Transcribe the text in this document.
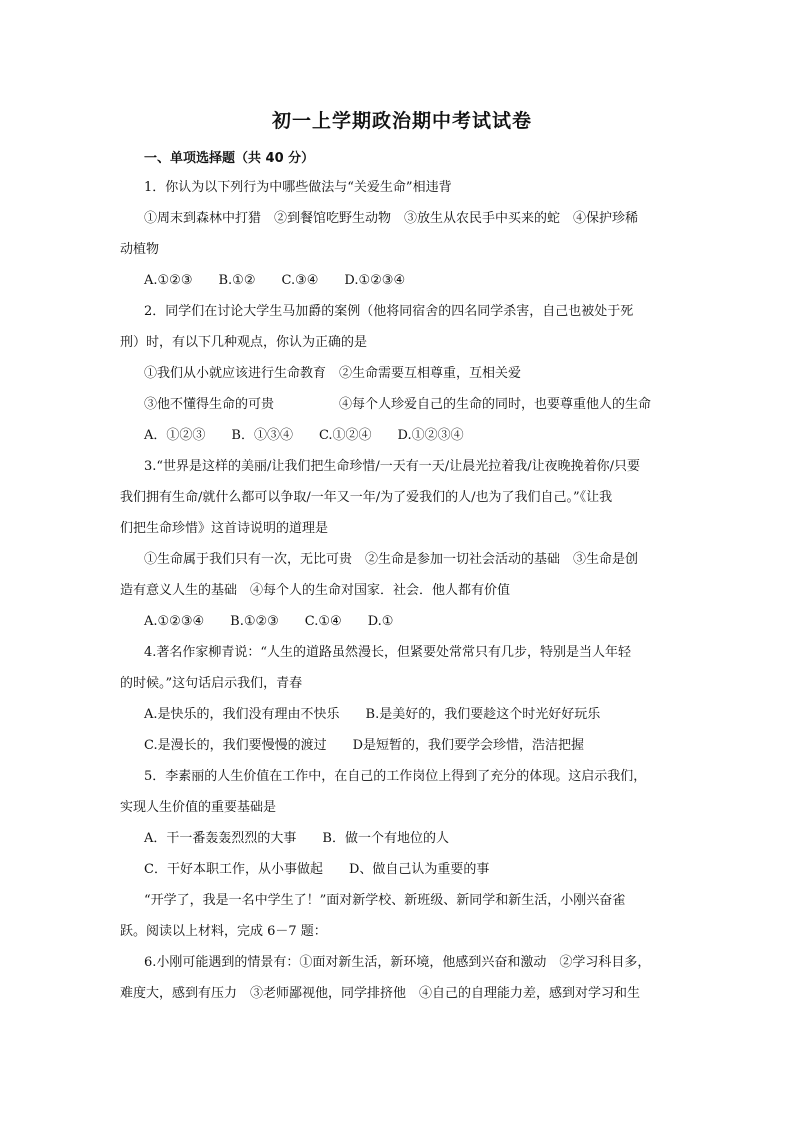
初一上学期政治期中考试试卷
一、单项选择题（共 40 分）
1．你认为以下列行为中哪些做法与“关爱生命”相违背
①周末到森林中打猎　②到餐馆吃野生动物　③放生从农民手中买来的蛇　④保护珍稀
动植物
A.①②③　　B.①②　　C.③④　　D.①②③④
2．同学们在讨论大学生马加爵的案例（他将同宿舍的四名同学杀害，自己也被处于死
刑）时，有以下几种观点，你认为正确的是
①我们从小就应该进行生命教育　②生命需要互相尊重，互相关爱
③他不懂得生命的可贵　　　　　④每个人珍爱自己的生命的同时，也要尊重他人的生命
A．①②③　　B．①③④　　C.①②④　　D.①②③④
3.“世界是这样的美丽/让我们把生命珍惜/一天有一天/让晨光拉着我/让夜晚挽着你/只要
我们拥有生命/就什么都可以争取/一年又一年/为了爱我们的人/也为了我们自己。”《让我
们把生命珍惜》这首诗说明的道理是
①生命属于我们只有一次，无比可贵　②生命是参加一切社会活动的基础　③生命是创
造有意义人生的基础　④每个人的生命对国家．社会．他人都有价值
A.①②③④　　B.①②③　　C.①④　　D.①
4.著名作家柳青说：“人生的道路虽然漫长，但紧要处常常只有几步，特别是当人年轻
的时候。”这句话启示我们，青春
A.是快乐的，我们没有理由不快乐　　B.是美好的，我们要趁这个时光好好玩乐
C.是漫长的，我们要慢慢的渡过　　D是短暂的，我们要学会珍惜，浩洁把握
5．李素丽的人生价值在工作中，在自己的工作岗位上得到了充分的体现。这启示我们，
实现人生价值的重要基础是
A．干一番轰轰烈烈的大事　　B．做一个有地位的人
C．干好本职工作，从小事做起　　D、做自己认为重要的事
“开学了，我是一名中学生了！”面对新学校、新班级、新同学和新生活，小刚兴奋雀
跃。阅读以上材料，完成 6－7 题：
6.小刚可能遇到的情景有：①面对新生活，新环境，他感到兴奋和激动　②学习科目多，
难度大，感到有压力　③老师鄙视他，同学排挤他　④自己的自理能力差，感到对学习和生
